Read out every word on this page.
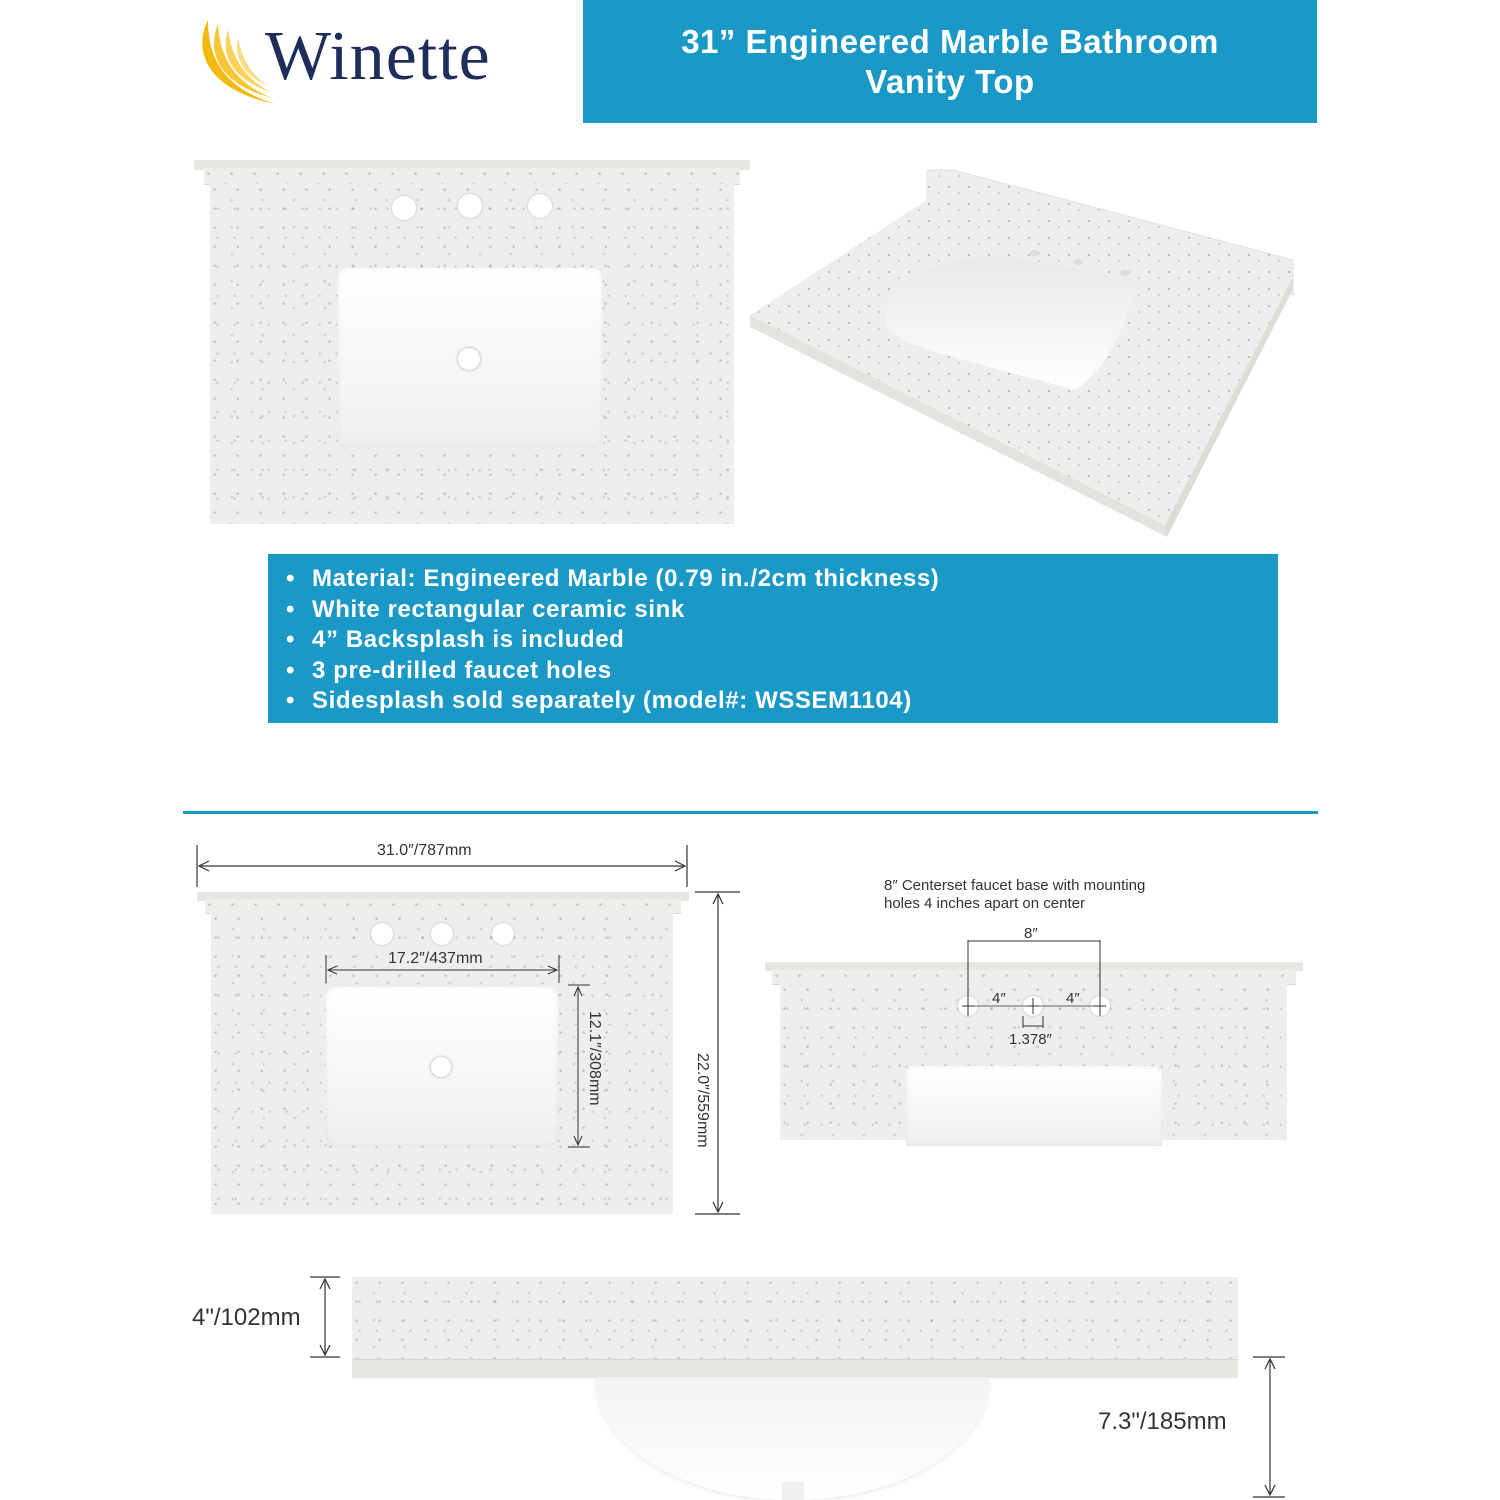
Winette	31” Engineered Marble Bathroom
Vanity Top
• Material: Engineered Marble (0.79 in./2cm thickness)
• White rectangular ceramic sink
• 4” Backsplash is included
• 3 pre-drilled faucet holes
• Sidesplash sold separately (model#: WSSEM1104)
31.0″/787mm
22.0″/559mm
17.2″/437mm
12.1″/308mm
8″ Centerset faucet base with mounting
holes 4 inches apart on center
8″
4″	4″
1.378″
4"/102mm
7.3"/185mm
